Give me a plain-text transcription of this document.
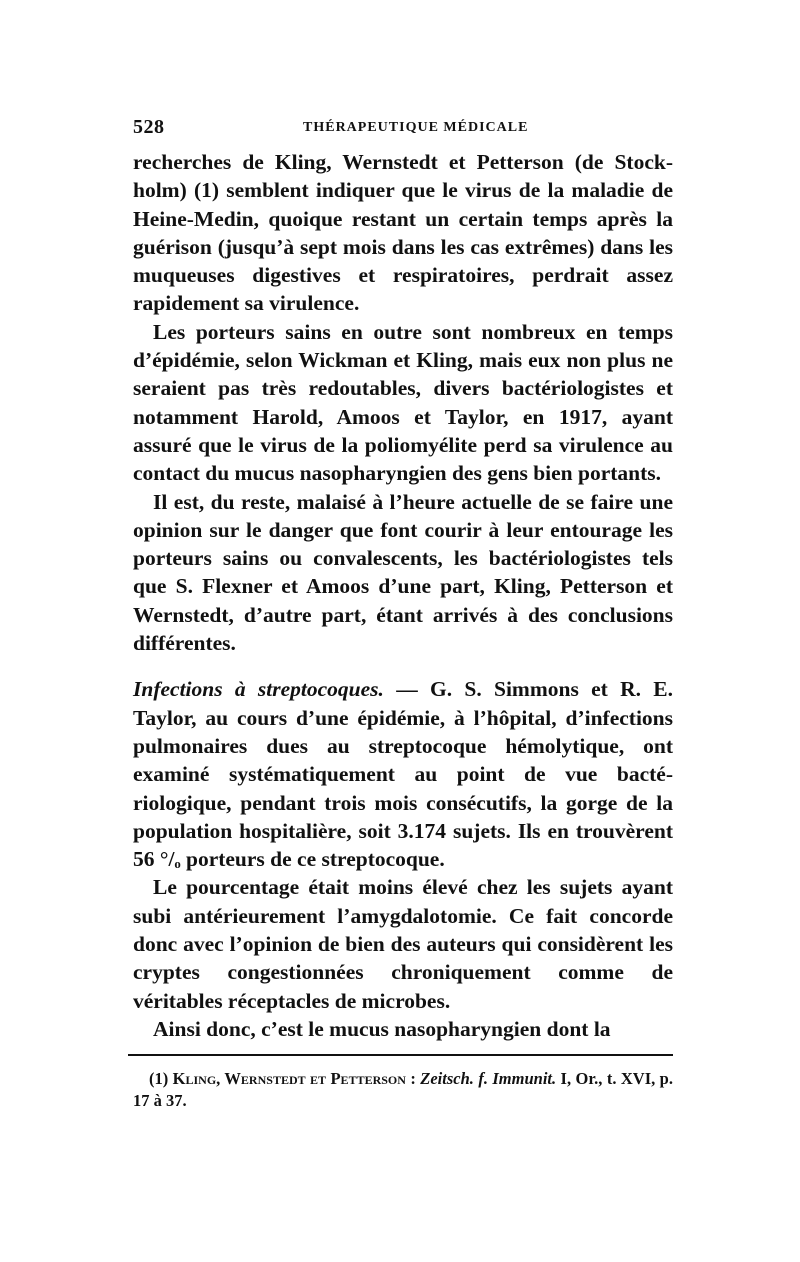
528	THÉRAPEUTIQUE MÉDICALE

recherches de Kling, Wernstedt et Petterson (de Stockholm) (1) semblent indiquer que le virus de la maladie de Heine-Medin, quoique restant un certain temps après la guérison (jusqu’à sept mois dans les cas extrêmes) dans les muqueuses digestives et respiratoires, perdrait assez rapidement sa virulence.

Les porteurs sains en outre sont nombreux en temps d’épidémie, selon Wickman et Kling, mais eux non plus ne seraient pas très redoutables, divers bactériologistes et notamment Harold, Amoos et Taylor, en 1917, ayant assuré que le virus de la poliomyélite perd sa virulence au contact du mucus nasopharyngien des gens bien portants.

Il est, du reste, malaisé à l’heure actuelle de se faire une opinion sur le danger que font courir à leur entourage les porteurs sains ou convalescents, les bactériologistes tels que S. Flexner et Amoos d’une part, Kling, Petterson et Wernstedt, d’autre part, étant arrivés à des conclusions différentes.

Infections à streptocoques. — G. S. Simmons et R. E. Taylor, au cours d’une épidémie, à l’hôpital, d’infections pulmonaires dues au streptocoque hémolytique, ont examiné systématiquement au point de vue bactériologique, pendant trois mois consécutifs, la gorge de la population hospitalière, soit 3.174 sujets. Ils en trouvèrent 56 °/ₒ porteurs de ce streptocoque.

Le pourcentage était moins élevé chez les sujets ayant subi antérieurement l’amygdalotomie. Ce fait concorde donc avec l’opinion de bien des auteurs qui considèrent les cryptes congestionnées chroniquement comme de véritables réceptacles de microbes.

Ainsi donc, c’est le mucus nasopharyngien dont la

(1) Kling, Wernstedt et Petterson : Zeitsch. f. Immunit. I, Or., t. XVI, p. 17 à 37.
